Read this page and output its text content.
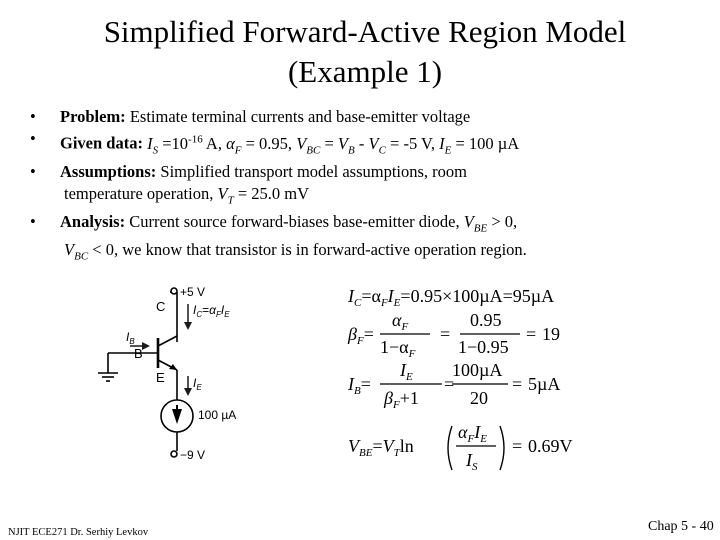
Simplified Forward-Active Region Model
(Example 1)
• Problem: Estimate terminal currents and base-emitter voltage
• Given data: $I_S =10^{-16}$ A, $\alpha_F = 0.95$, $V_{BC} = V_B - V_C = -5$ V, $I_E = 100$ µA
• Assumptions: Simplified transport model assumptions, room
temperature operation, $V_T = 25.0$ mV
• Analysis: Current source forward-biases base-emitter diode, $V_{BE} > 0$,
$V_{BC} < 0$, we know that transistor is in forward-active operation region.
+5 V
−9 V
C
B
E
$I_B$
$I_C=\alpha_FI_E$
$I_E$
100 µA
$I_C=\alpha_FI_E=0.95\times 100\mu A=95\mu A$
$\beta_F=$
$\alpha_F$
$1-\alpha_F$
=
0.95
1−0.95
= 19
$I_B=$
$I_E$
$\beta_F+1$
=
100µA
20
= 5µA
$V_{BE}=V_T\ln$
$\alpha_FI_E$
$I_S$
= 0.69V
NJIT ECE271 Dr. Serhiy Levkov	Chap 5 - 40
